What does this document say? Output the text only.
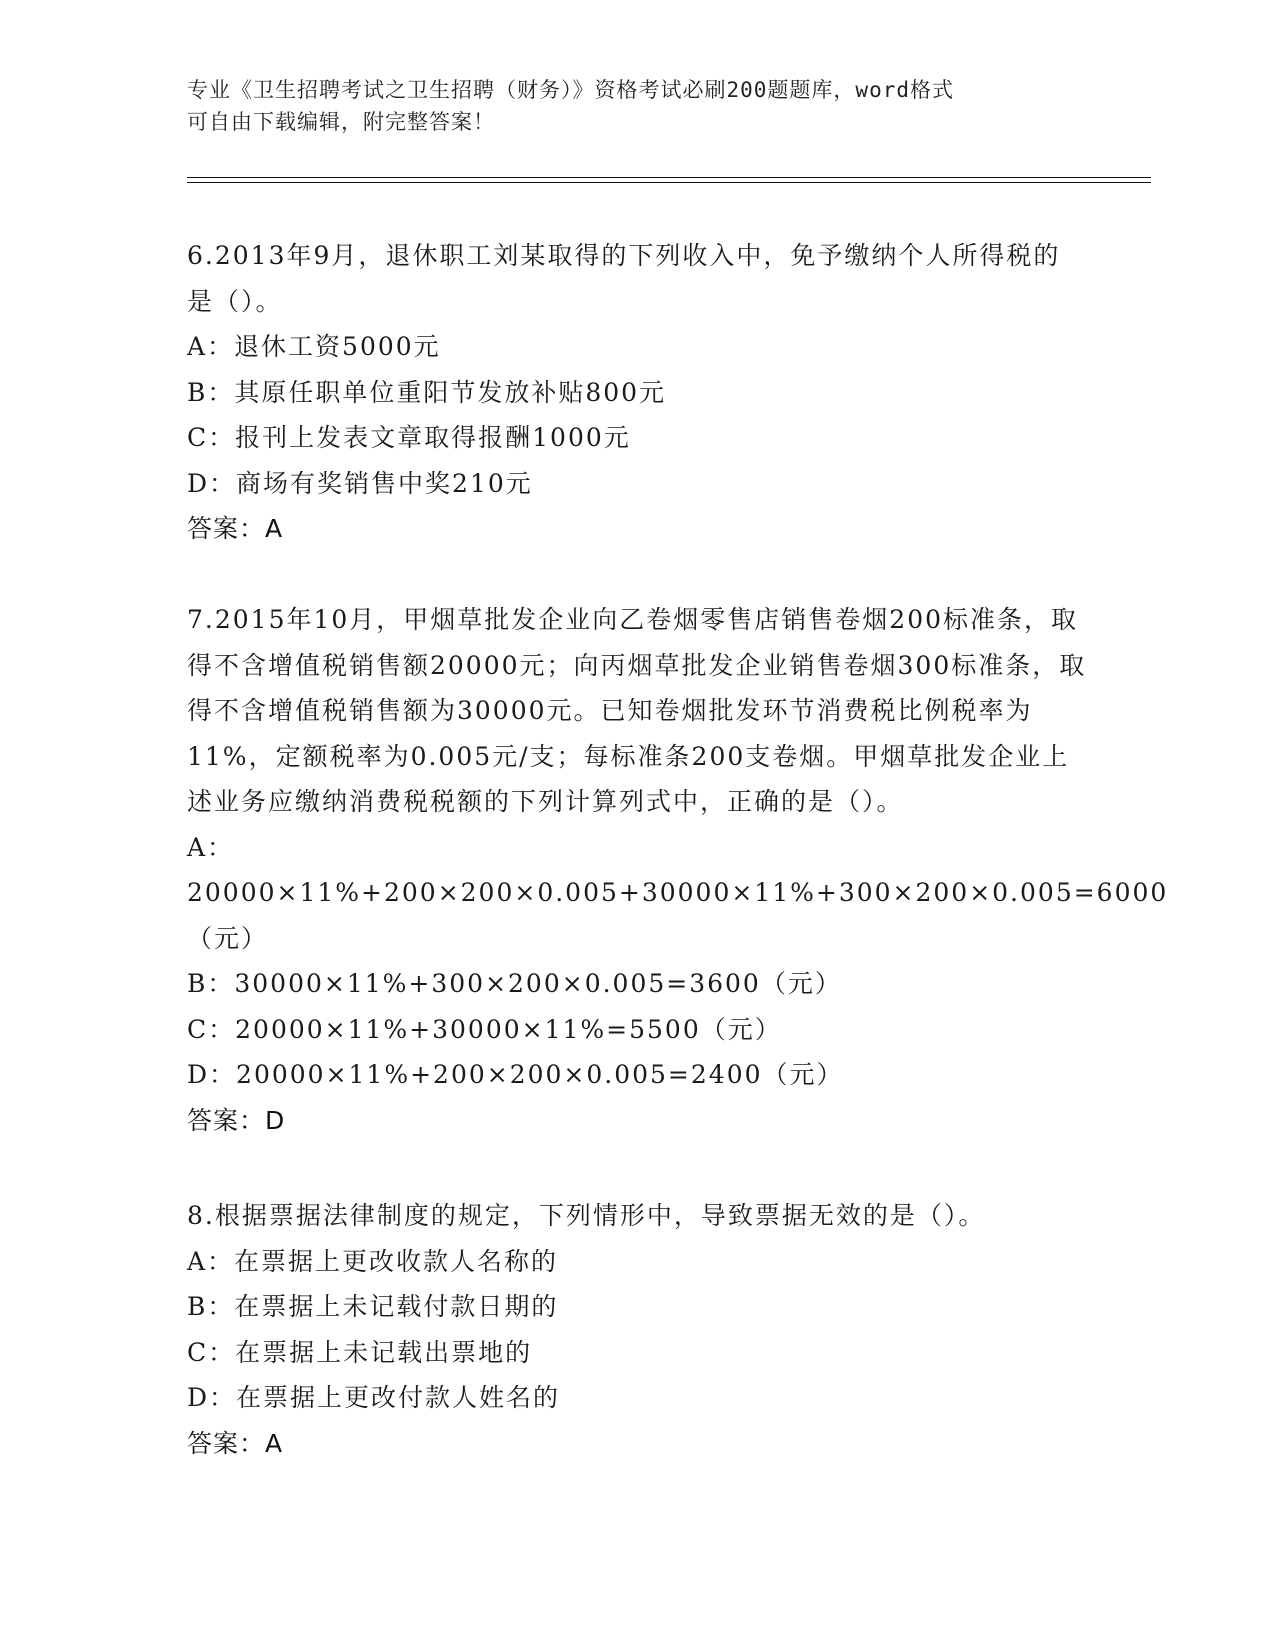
专业《卫生招聘考试之卫生招聘（财务）》资格考试必刷200题题库，word格式
可自由下载编辑，附完整答案！

6.2013年9月，退休职工刘某取得的下列收入中，免予缴纳个人所得税的是（）。

A：退休工资5000元

B：其原任职单位重阳节发放补贴800元

C：报刊上发表文章取得报酬1000元

D：商场有奖销售中奖210元

答案：A

7.2015年10月，甲烟草批发企业向乙卷烟零售店销售卷烟200标准条，取得不含增值税销售额20000元；向丙烟草批发企业销售卷烟300标准条，取得不含增值税销售额为30000元。已知卷烟批发环节消费税比例税率为11%，定额税率为0.005元/支；每标准条200支卷烟。甲烟草批发企业上述业务应缴纳消费税税额的下列计算列式中，正确的是（）。

A：20000×11%+200×200×0.005+30000×11%+300×200×0.005=6000（元）

B：30000×11%+300×200×0.005=3600（元）

C：20000×11%+30000×11%=5500（元）

D：20000×11%+200×200×0.005=2400（元）

答案：D

8.根据票据法律制度的规定，下列情形中，导致票据无效的是（）。

A：在票据上更改收款人名称的

B：在票据上未记载付款日期的

C：在票据上未记载出票地的

D：在票据上更改付款人姓名的

答案：A
